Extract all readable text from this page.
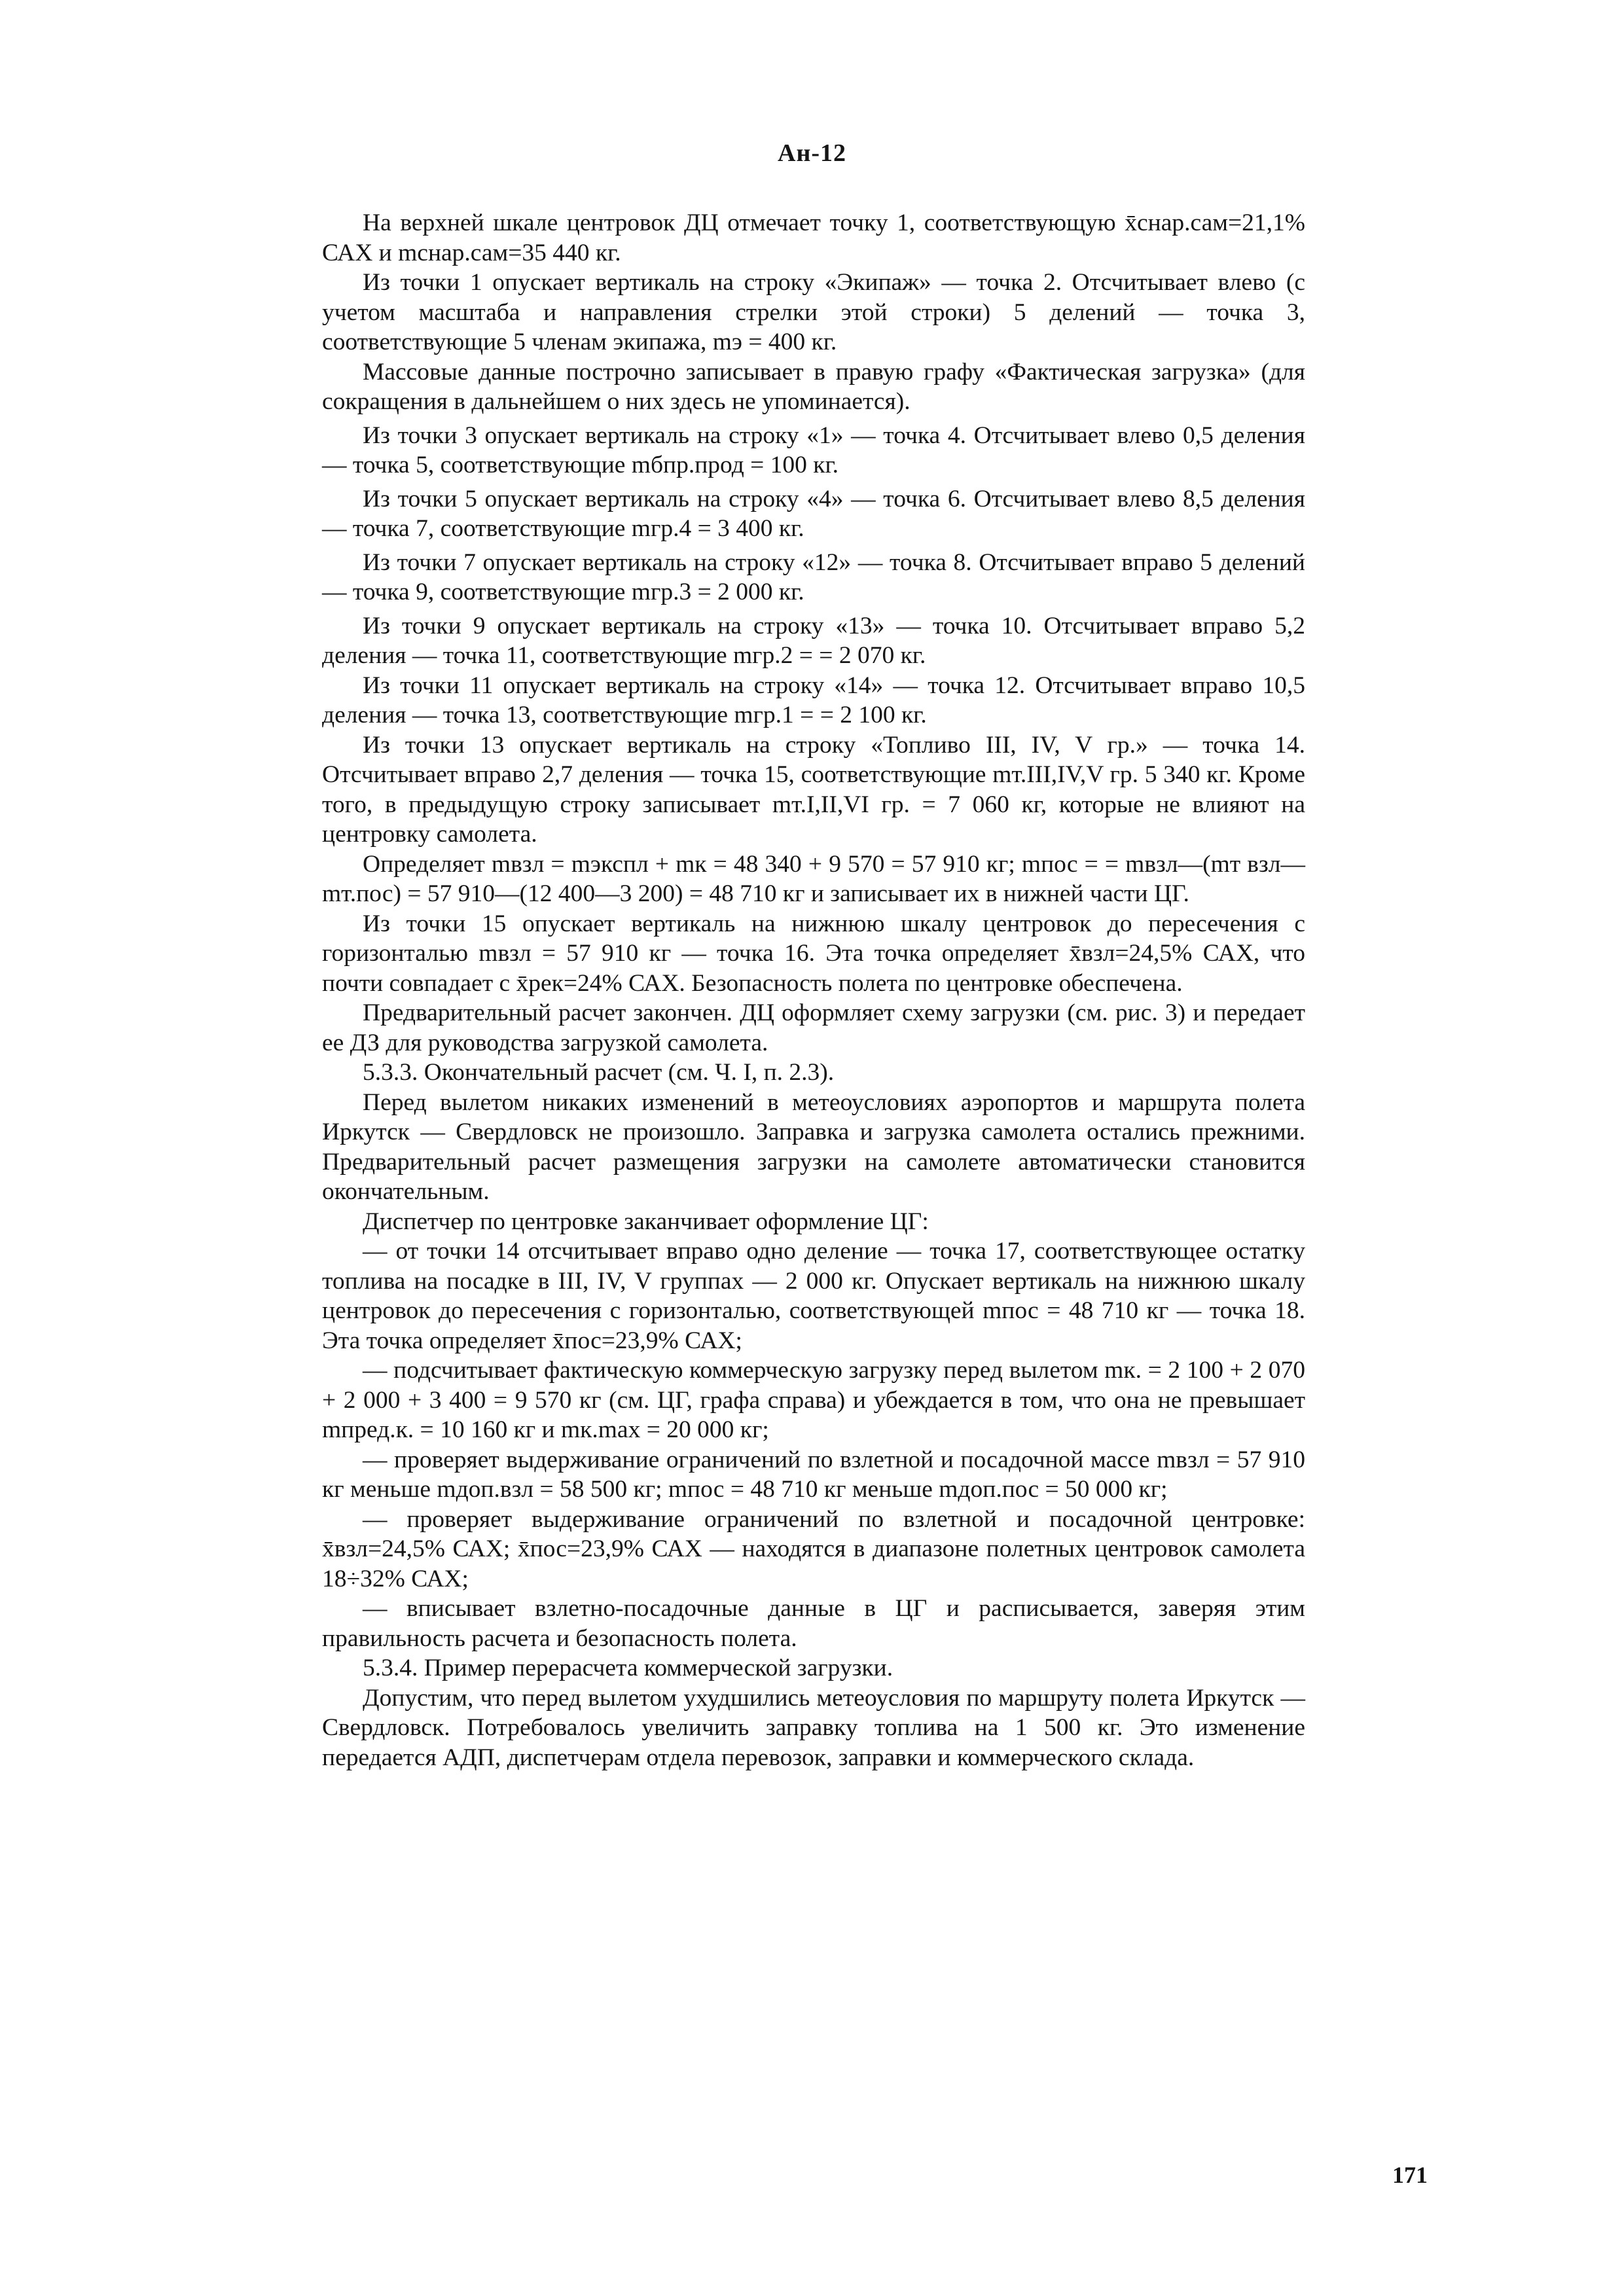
Ан-12

На верхней шкале центровок ДЦ отмечает точку 1, соответствующую x̄снар.сам=21,1% САХ и mснар.сам=35 440 кг.

Из точки 1 опускает вертикаль на строку «Экипаж» — точка 2. Отсчитывает влево (с учетом масштаба и направления стрелки этой строки) 5 делений — точка 3, соответствующие 5 членам экипажа, mэ = 400 кг.

Массовые данные построчно записывает в правую графу «Фактическая загрузка» (для сокращения в дальнейшем о них здесь не упоминается).

Из точки 3 опускает вертикаль на строку «1» — точка 4. Отсчитывает влево 0,5 деления — точка 5, соответствующие mбпр.прод = 100 кг.

Из точки 5 опускает вертикаль на строку «4» — точка 6. Отсчитывает влево 8,5 деления — точка 7, соответствующие mгр.4 = 3 400 кг.

Из точки 7 опускает вертикаль на строку «12» — точка 8. Отсчитывает вправо 5 делений — точка 9, соответствующие mгр.3 = 2 000 кг.

Из точки 9 опускает вертикаль на строку «13» — точка 10. Отсчитывает вправо 5,2 деления — точка 11, соответствующие mгр.2 = = 2 070 кг.

Из точки 11 опускает вертикаль на строку «14» — точка 12. Отсчитывает вправо 10,5 деления — точка 13, соответствующие mгр.1 = = 2 100 кг.

Из точки 13 опускает вертикаль на строку «Топливо III, IV, V гр.» — точка 14. Отсчитывает вправо 2,7 деления — точка 15, соответствующие mт.III,IV,V гр. 5 340 кг. Кроме того, в предыдущую строку записывает mт.I,II,VI гр. = 7 060 кг, которые не влияют на центровку самолета.

Определяет mвзл = mэкспл + mк = 48 340 + 9 570 = 57 910 кг; mпос = = mвзл—(mт взл—mт.пос) = 57 910—(12 400—3 200) = 48 710 кг и записывает их в нижней части ЦГ.

Из точки 15 опускает вертикаль на нижнюю шкалу центровок до пересечения с горизонталью mвзл = 57 910 кг — точка 16. Эта точка определяет x̄взл=24,5% САХ, что почти совпадает с x̄рек=24% САХ. Безопасность полета по центровке обеспечена.

Предварительный расчет закончен. ДЦ оформляет схему загрузки (см. рис. 3) и передает ее ДЗ для руководства загрузкой самолета.

5.3.3. Окончательный расчет (см. Ч. I, п. 2.3).

Перед вылетом никаких изменений в метеоусловиях аэропортов и маршрута полета Иркутск — Свердловск не произошло. Заправка и загрузка самолета остались прежними. Предварительный расчет размещения загрузки на самолете автоматически становится окончательным.

Диспетчер по центровке заканчивает оформление ЦГ:

— от точки 14 отсчитывает вправо одно деление — точка 17, соответствующее остатку топлива на посадке в III, IV, V группах — 2 000 кг. Опускает вертикаль на нижнюю шкалу центровок до пересечения с горизонталью, соответствующей mпос = 48 710 кг — точка 18. Эта точка определяет x̄пос=23,9% САХ;

— подсчитывает фактическую коммерческую загрузку перед вылетом mк. = 2 100 + 2 070 + 2 000 + 3 400 = 9 570 кг (см. ЦГ, графа справа) и убеждается в том, что она не превышает mпред.к. = 10 160 кг и mк.max = 20 000 кг;

— проверяет выдерживание ограничений по взлетной и посадочной массе mвзл = 57 910 кг меньше mдоп.взл = 58 500 кг; mпос = 48 710 кг меньше mдоп.пос = 50 000 кг;

— проверяет выдерживание ограничений по взлетной и посадочной центровке: x̄взл=24,5% САХ; x̄пос=23,9% САХ — находятся в диапазоне полетных центровок самолета 18÷32% САХ;

— вписывает взлетно-посадочные данные в ЦГ и расписывается, заверяя этим правильность расчета и безопасность полета.

5.3.4. Пример перерасчета коммерческой загрузки.

Допустим, что перед вылетом ухудшились метеоусловия по маршруту полета Иркутск — Свердловск. Потребовалось увеличить заправку топлива на 1 500 кг. Это изменение передается АДП, диспетчерам отдела перевозок, заправки и коммерческого склада.

171
